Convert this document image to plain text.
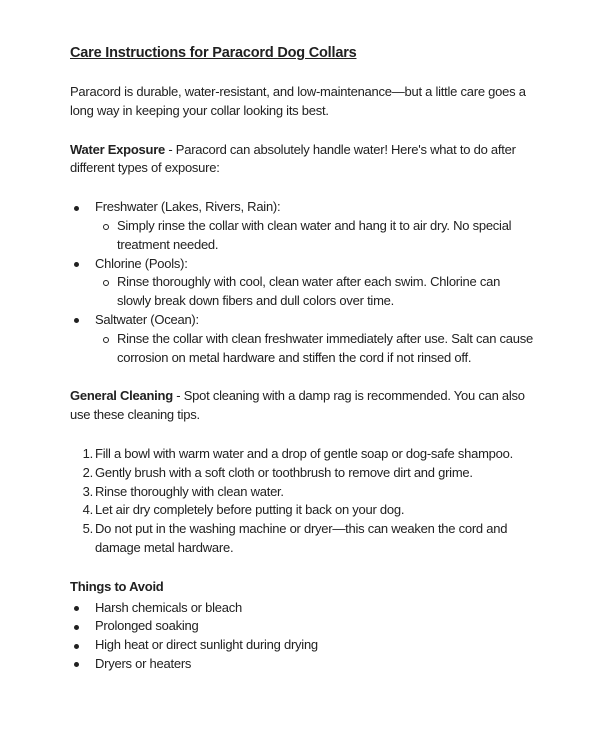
Care Instructions for Paracord Dog Collars

Paracord is durable, water-resistant, and low-maintenance—but a little care goes a long way in keeping your collar looking its best.

Water Exposure - Paracord can absolutely handle water! Here's what to do after different types of exposure:

Freshwater (Lakes, Rivers, Rain):
Simply rinse the collar with clean water and hang it to air dry. No special treatment needed.
Chlorine (Pools):
Rinse thoroughly with cool, clean water after each swim. Chlorine can slowly break down fibers and dull colors over time.
Saltwater (Ocean):
Rinse the collar with clean freshwater immediately after use. Salt can cause corrosion on metal hardware and stiffen the cord if not rinsed off.

General Cleaning - Spot cleaning with a damp rag is recommended. You can also use these cleaning tips.

Fill a bowl with warm water and a drop of gentle soap or dog-safe shampoo.
Gently brush with a soft cloth or toothbrush to remove dirt and grime.
Rinse thoroughly with clean water.
Let air dry completely before putting it back on your dog.
Do not put in the washing machine or dryer—this can weaken the cord and damage metal hardware.

Things to Avoid

Harsh chemicals or bleach
Prolonged soaking
High heat or direct sunlight during drying
Dryers or heaters
